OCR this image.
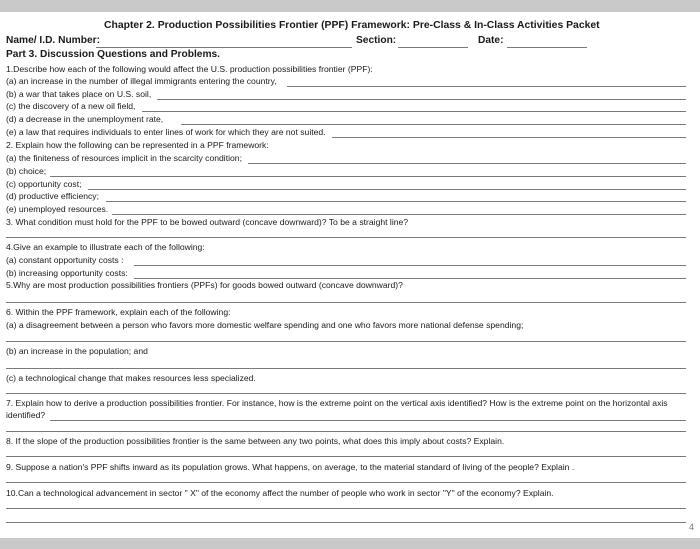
Chapter 2. Production Possibilities Frontier (PPF) Framework: Pre-Class & In-Class Activities Packet
Name/ I.D. Number:	Section:	Date:
Part 3. Discussion Questions and Problems.
1.Describe how each of the following would affect the U.S. production possibilities frontier (PPF):
(a) an increase in the number of illegal immigrants entering the country,
(b) a war that takes place on U.S. soil,
(c) the discovery of a new oil field,
(d) a decrease in the unemployment rate,
(e) a law that requires individuals to enter lines of work for which they are not suited.
2. Explain how the following can be represented in a PPF framework:
(a) the finiteness of resources implicit in the scarcity condition;
(b) choice;
(c) opportunity cost;
(d) productive efficiency;
(e) unemployed resources.
3. What condition must hold for the PPF to be bowed outward (concave downward)? To be a straight line?
4.Give an example to illustrate each of the following:
(a) constant opportunity costs :
(b) increasing opportunity costs:
5.Why are most production possibilities frontiers (PPFs) for goods bowed outward (concave downward)?
6. Within the PPF framework, explain each of the following:
(a) a disagreement between a person who favors more domestic welfare spending and one who favors more national defense spending;
(b) an increase in the population; and
(c) a technological change that makes resources less specialized.
7. Explain how to derive a production possibilities frontier. For instance, how is the extreme point on the vertical axis identified? How is the extreme point on the horizontal axis
identified?
8. If the slope of the production possibilities frontier is the same between any two points, what does this imply about costs? Explain.
9. Suppose a nation's PPF shifts inward as its population grows. What happens, on average, to the material standard of living of the people? Explain .
10.Can a technological advancement in sector " X" of the economy affect the number of people who work in sector "Y" of the economy? Explain.
4
